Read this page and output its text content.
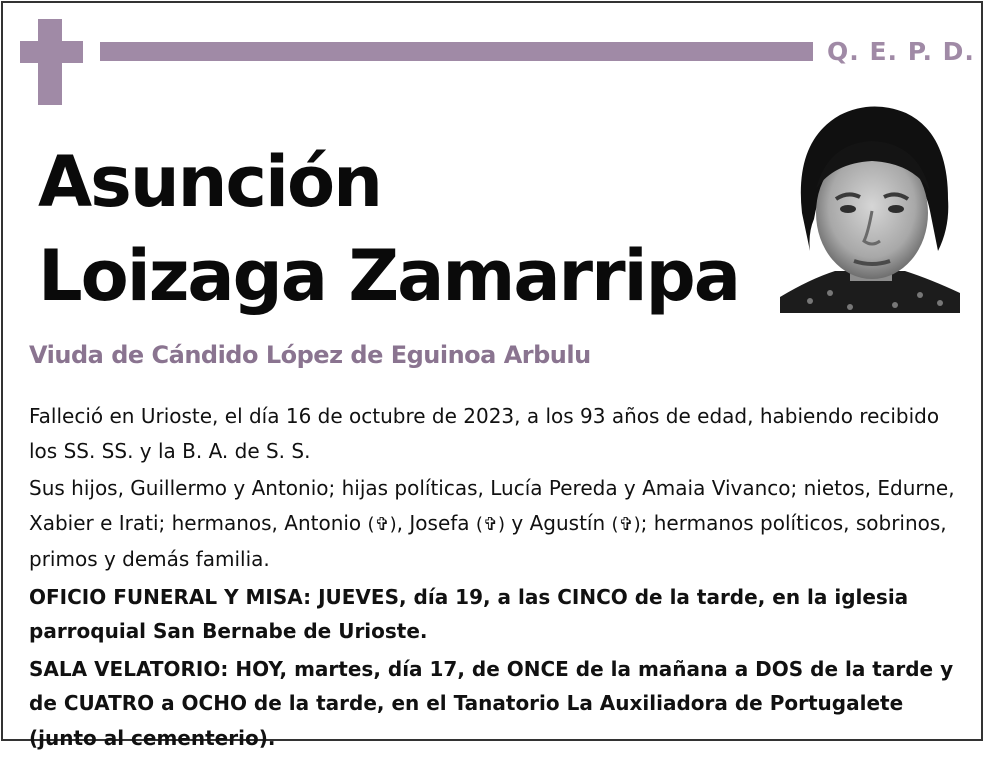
Q. E. P. D.
Asunción
Loizaga Zamarripa
Viuda de Cándido López de Eguinoa Arbulu

Falleció en Urioste, el día 16 de octubre de 2023, a los 93 años de edad, habiendo recibido los SS. SS. y la B. A. de S. S.

Sus hijos, Guillermo y Antonio; hijas políticas, Lucía Pereda y Amaia Vivanco; nietos, Edurne, Xabier e Irati; hermanos, Antonio (✞), Josefa (✞) y Agustín (✞); hermanos políticos, sobrinos, primos y demás familia.

OFICIO FUNERAL Y MISA: JUEVES, día 19, a las CINCO de la tarde, en la iglesia parroquial San Bernabe de Urioste.

SALA VELATORIO: HOY, martes, día 17, de ONCE de la mañana a DOS de la tarde y de CUATRO a OCHO de la tarde, en el Tanatorio La Auxiliadora de Portugalete (junto al cementerio).
